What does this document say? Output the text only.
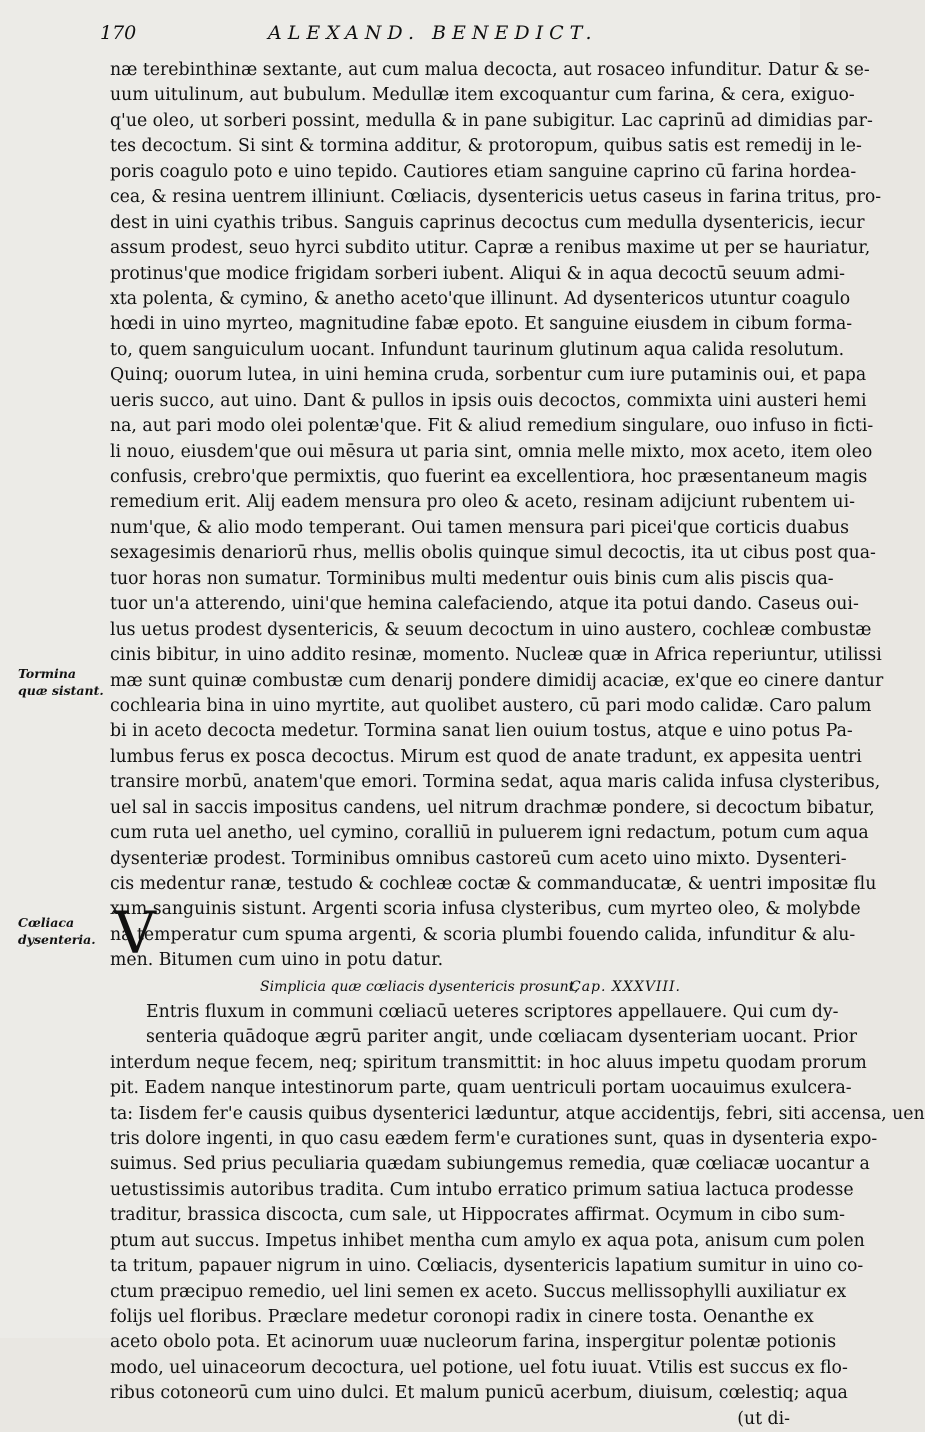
170	ALEXAND. BENEDICT.
Tormina quæ sistant.
Cœliaca dysenteria.
næ terebinthinæ sextante, aut cum malua decocta, aut rosaceo infunditur. Datur & se-
uum uitulinum, aut bubulum. Medullæ item excoquantur cum farina, & cera, exiguo-
q'ue oleo, ut sorberi possint, medulla & in pane subigitur. Lac caprinū ad dimidias par-
tes decoctum. Si sint & tormina additur, & protoropum, quibus satis est remedij in le-
poris coagulo poto e uino tepido. Cautiores etiam sanguine caprino cū farina hordea-
cea, & resina uentrem illiniunt. Cœliacis, dysentericis uetus caseus in farina tritus, pro-
dest in uini cyathis tribus. Sanguis caprinus decoctus cum medulla dysentericis, iecur
assum prodest, seuo hyrci subdito utitur. Capræ a renibus maxime ut per se hauriatur,
protinus'que modice frigidam sorberi iubent. Aliqui & in aqua decoctū seuum admi-
xta polenta, & cymino, & anetho aceto'que illinunt. Ad dysentericos utuntur coagulo
hœdi in uino myrteo, magnitudine fabæ epoto. Et sanguine eiusdem in cibum forma-
to, quem sanguiculum uocant. Infundunt taurinum glutinum aqua calida resolutum.
Quinq; ouorum lutea, in uini hemina cruda, sorbentur cum iure putaminis oui, et papa
ueris succo, aut uino. Dant & pullos in ipsis ouis decoctos, commixta uini austeri hemi
na, aut pari modo olei polentæ'que. Fit & aliud remedium singulare, ouo infuso in ficti-
li nouo, eiusdem'que oui mēsura ut paria sint, omnia melle mixto, mox aceto, item oleo
confusis, crebro'que permixtis, quo fuerint ea excellentiora, hoc præsentaneum magis
remedium erit. Alij eadem mensura pro oleo & aceto, resinam adijciunt rubentem ui-
num'que, & alio modo temperant. Oui tamen mensura pari picei'que corticis duabus
sexagesimis denariorū rhus, mellis obolis quinque simul decoctis, ita ut cibus post qua-
tuor horas non sumatur. Torminibus multi medentur ouis binis cum alis piscis qua-
tuor un'a atterendo, uini'que hemina calefaciendo, atque ita potui dando. Caseus oui-
lus uetus prodest dysentericis, & seuum decoctum in uino austero, cochleæ combustæ
cinis bibitur, in uino addito resinæ, momento. Nucleæ quæ in Africa reperiuntur, utilissi
mæ sunt quinæ combustæ cum denarij pondere dimidij acaciæ, ex'que eo cinere dantur
cochlearia bina in uino myrtite, aut quolibet austero, cū pari modo calidæ. Caro palum
bi in aceto decocta medetur. Tormina sanat lien ouium tostus, atque e uino potus Pa-
lumbus ferus ex posca decoctus. Mirum est quod de anate tradunt, ex appesita uentri
transire morbū, anatem'que emori. Tormina sedat, aqua maris calida infusa clysteribus,
uel sal in saccis impositus candens, uel nitrum drachmæ pondere, si decoctum bibatur,
cum ruta uel anetho, uel cymino, coralliū in puluerem igni redactum, potum cum aqua
dysenteriæ prodest. Torminibus omnibus castoreū cum aceto uino mixto. Dysenteri-
cis medentur ranæ, testudo & cochleæ coctæ & commanducatæ, & uentri impositæ flu
xum sanguinis sistunt. Argenti scoria infusa clysteribus, cum myrteo oleo, & molybde
na temperatur cum spuma argenti, & scoria plumbi fouendo calida, infunditur & alu-
men. Bitumen cum uino in potu datur.
Simplicia quæ cœliacis dysentericis prosunt,
Cap. XXXVIII.
Entris fluxum in communi cœliacū ueteres scriptores appellauere. Qui cum dy-
senteria quādoque ægrū pariter angit, unde cœliacam dysenteriam uocant. Prior
interdum neque fecem, neq; spiritum transmittit: in hoc aluus impetu quodam prorum
pit. Eadem nanque intestinorum parte, quam uentriculi portam uocauimus exulcera-
ta: Iisdem fer'e causis quibus dysenterici læduntur, atque accidentijs, febri, siti accensa, uen
tris dolore ingenti, in quo casu eædem ferm'e curationes sunt, quas in dysenteria expo-
suimus. Sed prius peculiaria quædam subiungemus remedia, quæ cœliacæ uocantur a
uetustissimis autoribus tradita. Cum intubo erratico primum satiua lactuca prodesse
traditur, brassica discocta, cum sale, ut Hippocrates affirmat. Ocymum in cibo sum-
ptum aut succus. Impetus inhibet mentha cum amylo ex aqua pota, anisum cum polen
ta tritum, papauer nigrum in uino. Cœliacis, dysentericis lapatium sumitur in uino co-
ctum præcipuo remedio, uel lini semen ex aceto. Succus mellissophylli auxiliatur ex
folijs uel floribus. Præclare medetur coronopi radix in cinere tosta. Oenanthe ex
aceto obolo pota. Et acinorum uuæ nucleorum farina, inspergitur polentæ potionis
modo, uel uinaceorum decoctura, uel potione, uel fotu iuuat. Vtilis est succus ex flo-
ribus cotoneorū cum uino dulci. Et malum punicū acerbum, diuisum, cœlestiq; aqua
(ut di-
V
